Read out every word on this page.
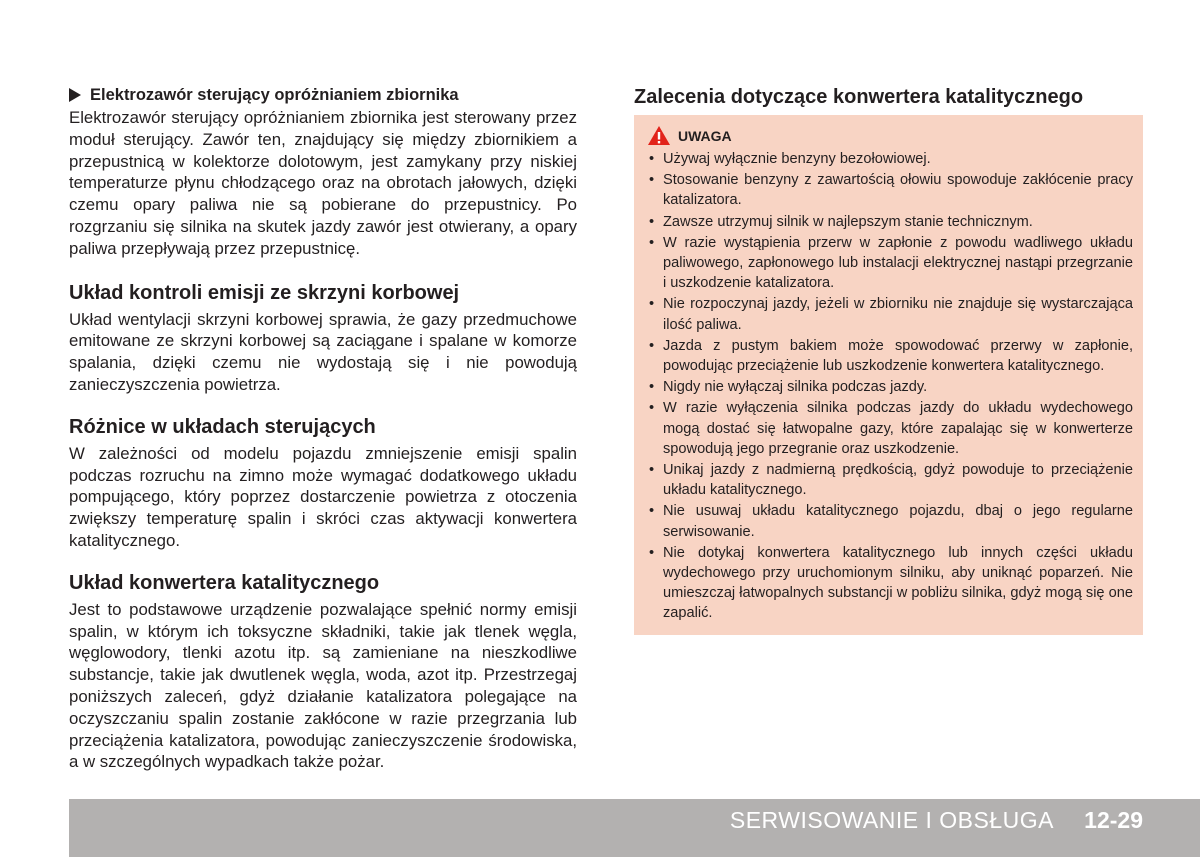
Elektrozawór sterujący opróżnianiem zbiornika

Elektrozawór sterujący opróżnianiem zbiornika jest sterowany przez moduł sterujący. Zawór ten, znajdujący się między zbiornikiem a przepustnicą w kolektorze dolotowym, jest zamykany przy niskiej temperaturze płynu chłodzącego oraz na obrotach jałowych, dzięki czemu opary paliwa nie są pobierane do przepustnicy. Po rozgrzaniu się silnika na skutek jazdy zawór jest otwierany, a opary paliwa przepływają przez przepustnicę.

Układ kontroli emisji ze skrzyni korbowej

Układ wentylacji skrzyni korbowej sprawia, że gazy przedmuchowe emitowane ze skrzyni korbowej są zaciągane i spalane w komorze spalania, dzięki czemu nie wydostają się i nie powodują zanieczyszczenia powietrza.

Różnice w układach sterujących

W zależności od modelu pojazdu zmniejszenie emisji spalin podczas rozruchu na zimno może wymagać dodatkowego układu pompującego, który poprzez dostarczenie powietrza z otoczenia zwiększy temperaturę spalin i skróci czas aktywacji konwertera katalitycznego.

Układ konwertera katalitycznego

Jest to podstawowe urządzenie pozwalające spełnić normy emisji spalin, w którym ich toksyczne składniki, takie jak tlenek węgla, węglowodory, tlenki azotu itp. są zamieniane na nieszkodliwe substancje, takie jak dwutlenek węgla, woda, azot itp. Przestrzegaj poniższych zaleceń, gdyż działanie katalizatora polegające na oczyszczaniu spalin zostanie zakłócone w razie przegrzania lub przeciążenia katalizatora, powodując zanieczyszczenie środowiska, a w szczególnych wypadkach także pożar.

Zalecenia dotyczące konwertera katalitycznego
UWAGA
• Używaj wyłącznie benzyny bezołowiowej.
• Stosowanie benzyny z zawartością ołowiu spowoduje zakłócenie pracy katalizatora.
• Zawsze utrzymuj silnik w najlepszym stanie technicznym.
• W razie wystąpienia przerw w zapłonie z powodu wadliwego układu paliwowego, zapłonowego lub instalacji elektrycznej nastąpi przegrzanie i uszkodzenie katalizatora.
• Nie rozpoczynaj jazdy, jeżeli w zbiorniku nie znajduje się wystarczająca ilość paliwa.
• Jazda z pustym bakiem może spowodować przerwy w zapłonie, powodując przeciążenie lub uszkodzenie konwertera katalitycznego.
• Nigdy nie wyłączaj silnika podczas jazdy.
• W razie wyłączenia silnika podczas jazdy do układu wydechowego mogą dostać się łatwopalne gazy, które zapalając się w konwerterze spowodują jego przegranie oraz uszkodzenie.
• Unikaj jazdy z nadmierną prędkością, gdyż powoduje to przeciążenie układu katalitycznego.
• Nie usuwaj układu katalitycznego pojazdu, dbaj o jego regularne serwisowanie.
• Nie dotykaj konwertera katalitycznego lub innych części układu wydechowego przy uruchomionym silniku, aby uniknąć poparzeń. Nie umieszczaj łatwopalnych substancji w pobliżu silnika, gdyż mogą się one zapalić.
SERWISOWANIE I OBSŁUGA 12-29
